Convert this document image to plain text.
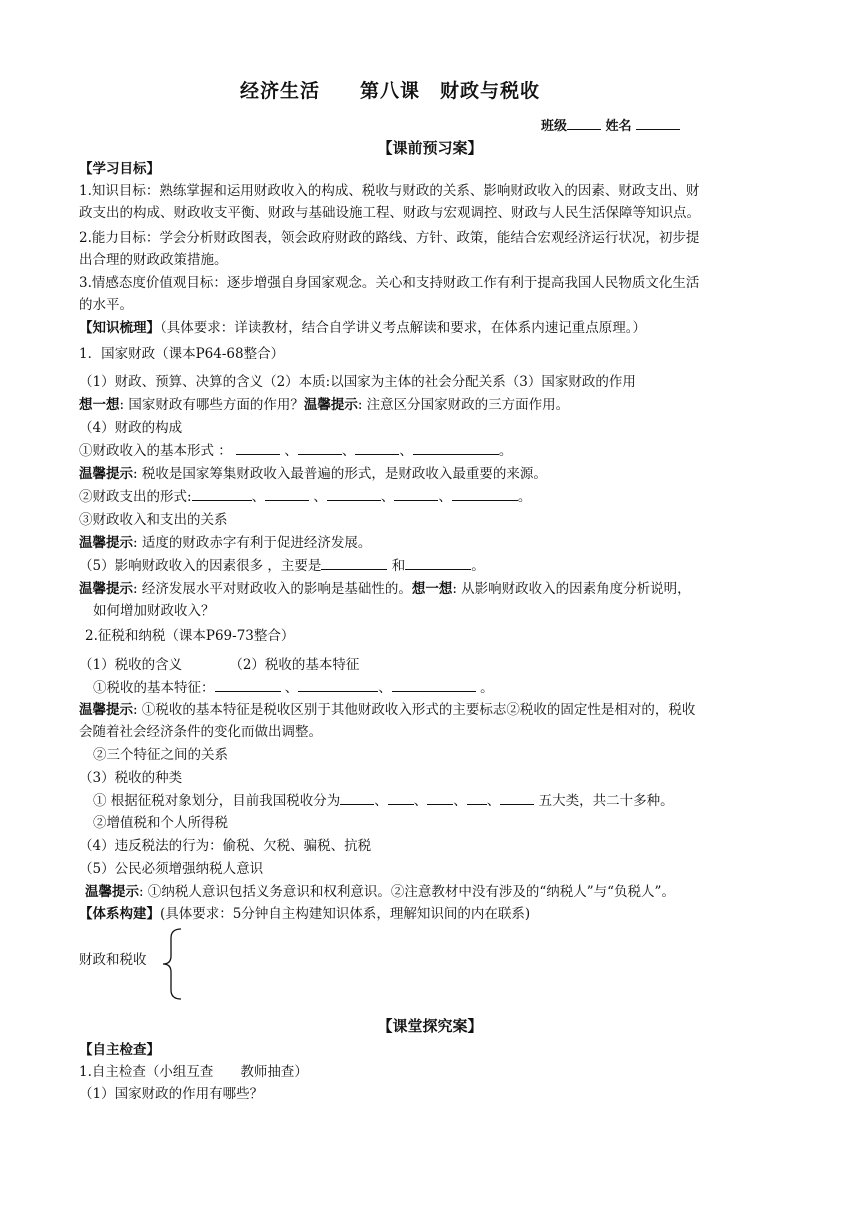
经济生活　　第八课　财政与税收
班级	姓名
【课前预习案】
【学习目标】
1.知识目标：熟练掌握和运用财政收入的构成、税收与财政的关系、影响财政收入的因素、财政支出、财
政支出的构成、财政收支平衡、财政与基础设施工程、财政与宏观调控、财政与人民生活保障等知识点。
2.能力目标：学会分析财政图表，领会政府财政的路线、方针、政策，能结合宏观经济运行状况，初步提
出合理的财政政策措施。
3.情感态度价值观目标：逐步增强自身国家观念。关心和支持财政工作有利于提高我国人民物质文化生活
的水平。
【知识梳理】（具体要求：详读教材，结合自学讲义考点解读和要求，在体系内速记重点原理。）
1．国家财政（课本P64-68整合）
（1）财政、预算、决算的含义（2）本质:以国家为主体的社会分配关系（3）国家财政的作用
想一想: 国家财政有哪些方面的作用？温馨提示: 注意区分国家财政的三方面作用。
（4）财政的构成
①财政收入的基本形式 ：	、	、	、	。
温馨提示: 税收是国家筹集财政收入最普遍的形式，是财政收入最重要的来源。
②财政支出的形式:	、	、	、	、	。
③财政收入和支出的关系
温馨提示: 适度的财政赤字有利于促进经济发展。
（5）影响财政收入的因素很多 ，主要是	和	。
温馨提示: 经济发展水平对财政收入的影响是基础性的。想一想: 从影响财政收入的因素角度分析说明，
如何增加财政收入？
2.征税和纳税（课本P69-73整合）
（1）税收的含义　　　　（2）税收的基本特征
①税收的基本特征：	、	、	。
温馨提示: ①税收的基本特征是税收区别于其他财政收入形式的主要标志②税收的固定性是相对的，税收
会随着社会经济条件的变化而做出调整。
②三个特征之间的关系
（3）税收的种类
① 根据征税对象划分，目前我国税收分为	、 、 、 、	五大类，共二十多种。
②增值税和个人所得税
（4）违反税法的行为：偷税、欠税、骗税、抗税
（5）公民必须增强纳税人意识
温馨提示: ①纳税人意识包括义务意识和权利意识。②注意教材中没有涉及的“纳税人”与“负税人”。
【体系构建】(具体要求：5分钟自主构建知识体系，理解知识间的内在联系)
财政和税收
【课堂探究案】
【自主检查】
1.自主检查（小组互查　　教师抽查）
（1）国家财政的作用有哪些？
